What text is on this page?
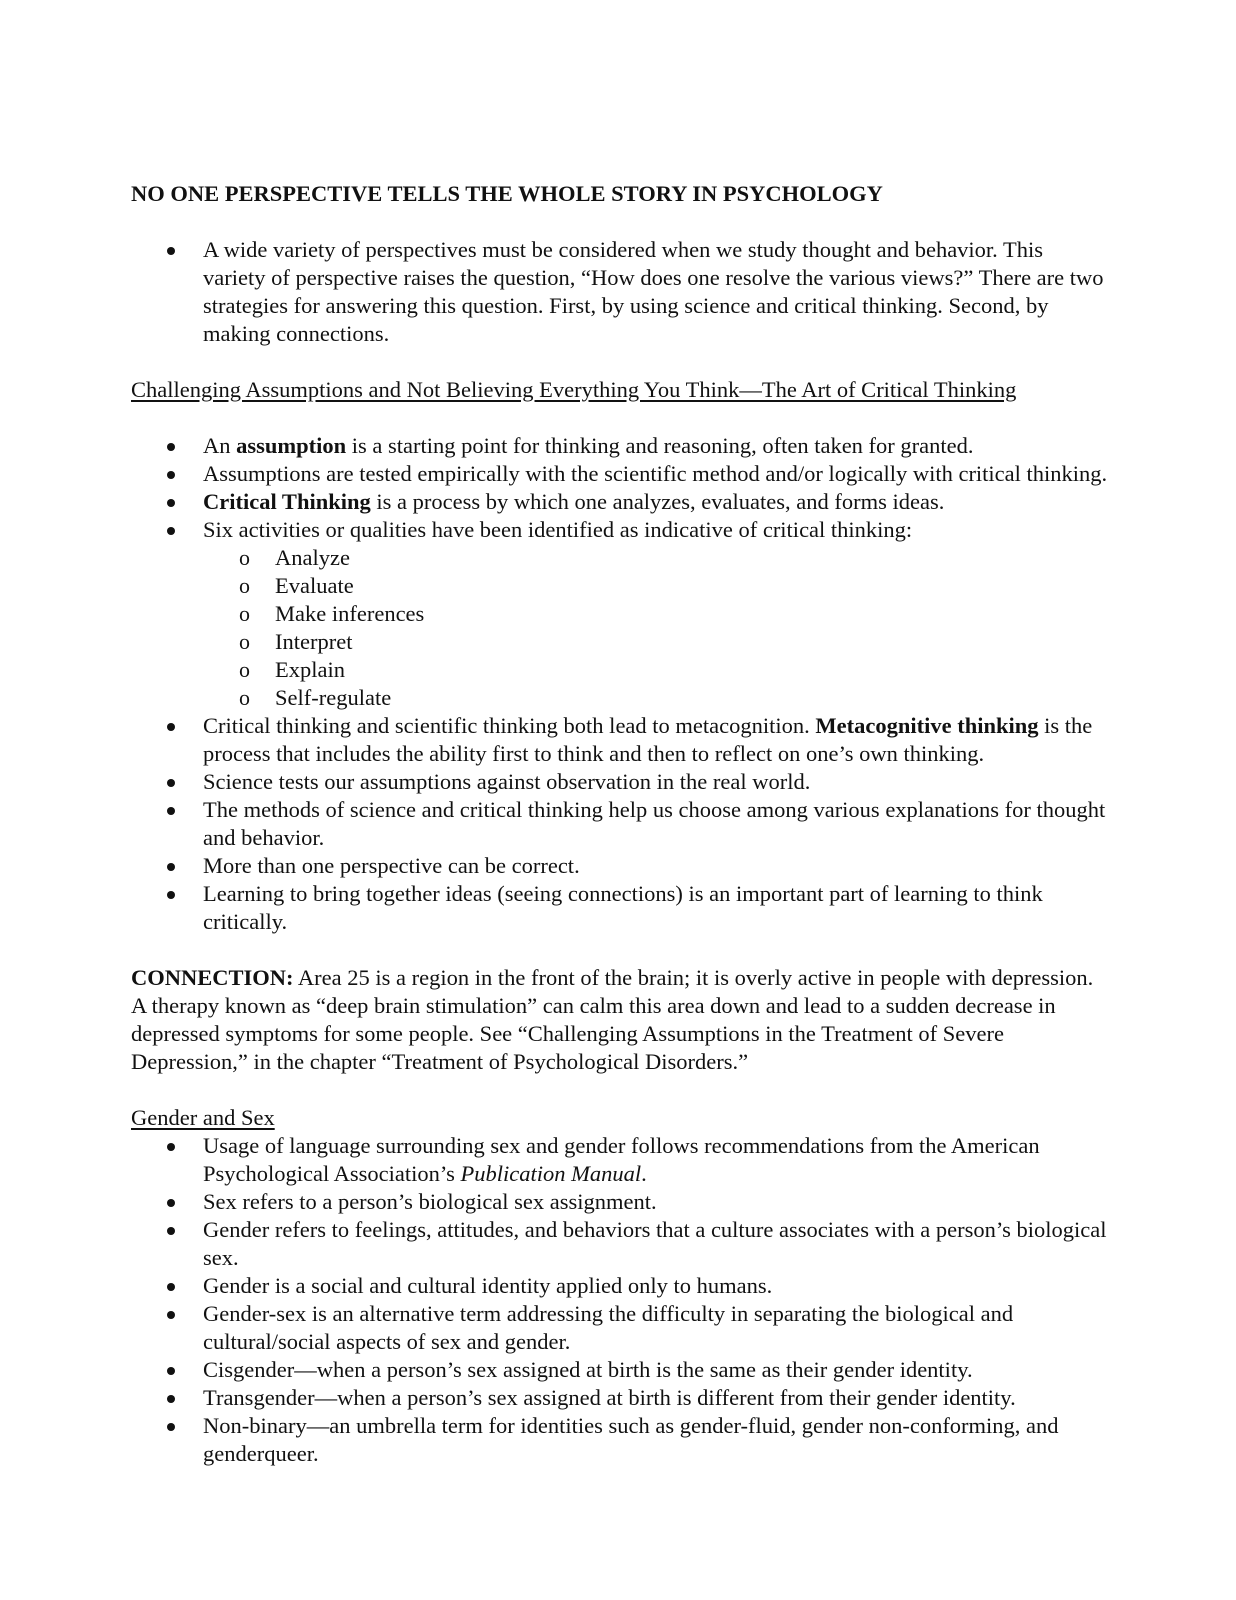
NO ONE PERSPECTIVE TELLS THE WHOLE STORY IN PSYCHOLOGY
A wide variety of perspectives must be considered when we study thought and behavior. This variety of perspective raises the question, “How does one resolve the various views?” There are two strategies for answering this question. First, by using science and critical thinking. Second, by making connections.
Challenging Assumptions and Not Believing Everything You Think—The Art of Critical Thinking
An assumption is a starting point for thinking and reasoning, often taken for granted.
Assumptions are tested empirically with the scientific method and/or logically with critical thinking.
Critical Thinking is a process by which one analyzes, evaluates, and forms ideas.
Six activities or qualities have been identified as indicative of critical thinking:
o Analyze
o Evaluate
o Make inferences
o Interpret
o Explain
o Self-regulate
Critical thinking and scientific thinking both lead to metacognition. Metacognitive thinking is the process that includes the ability first to think and then to reflect on one’s own thinking.
Science tests our assumptions against observation in the real world.
The methods of science and critical thinking help us choose among various explanations for thought and behavior.
More than one perspective can be correct.
Learning to bring together ideas (seeing connections) is an important part of learning to think critically.
CONNECTION: Area 25 is a region in the front of the brain; it is overly active in people with depression. A therapy known as “deep brain stimulation” can calm this area down and lead to a sudden decrease in depressed symptoms for some people. See “Challenging Assumptions in the Treatment of Severe Depression,” in the chapter “Treatment of Psychological Disorders.”
Gender and Sex
Usage of language surrounding sex and gender follows recommendations from the American Psychological Association’s Publication Manual.
Sex refers to a person’s biological sex assignment.
Gender refers to feelings, attitudes, and behaviors that a culture associates with a person’s biological sex.
Gender is a social and cultural identity applied only to humans.
Gender-sex is an alternative term addressing the difficulty in separating the biological and cultural/social aspects of sex and gender.
Cisgender—when a person’s sex assigned at birth is the same as their gender identity.
Transgender—when a person’s sex assigned at birth is different from their gender identity.
Non-binary—an umbrella term for identities such as gender-fluid, gender non-conforming, and genderqueer.
